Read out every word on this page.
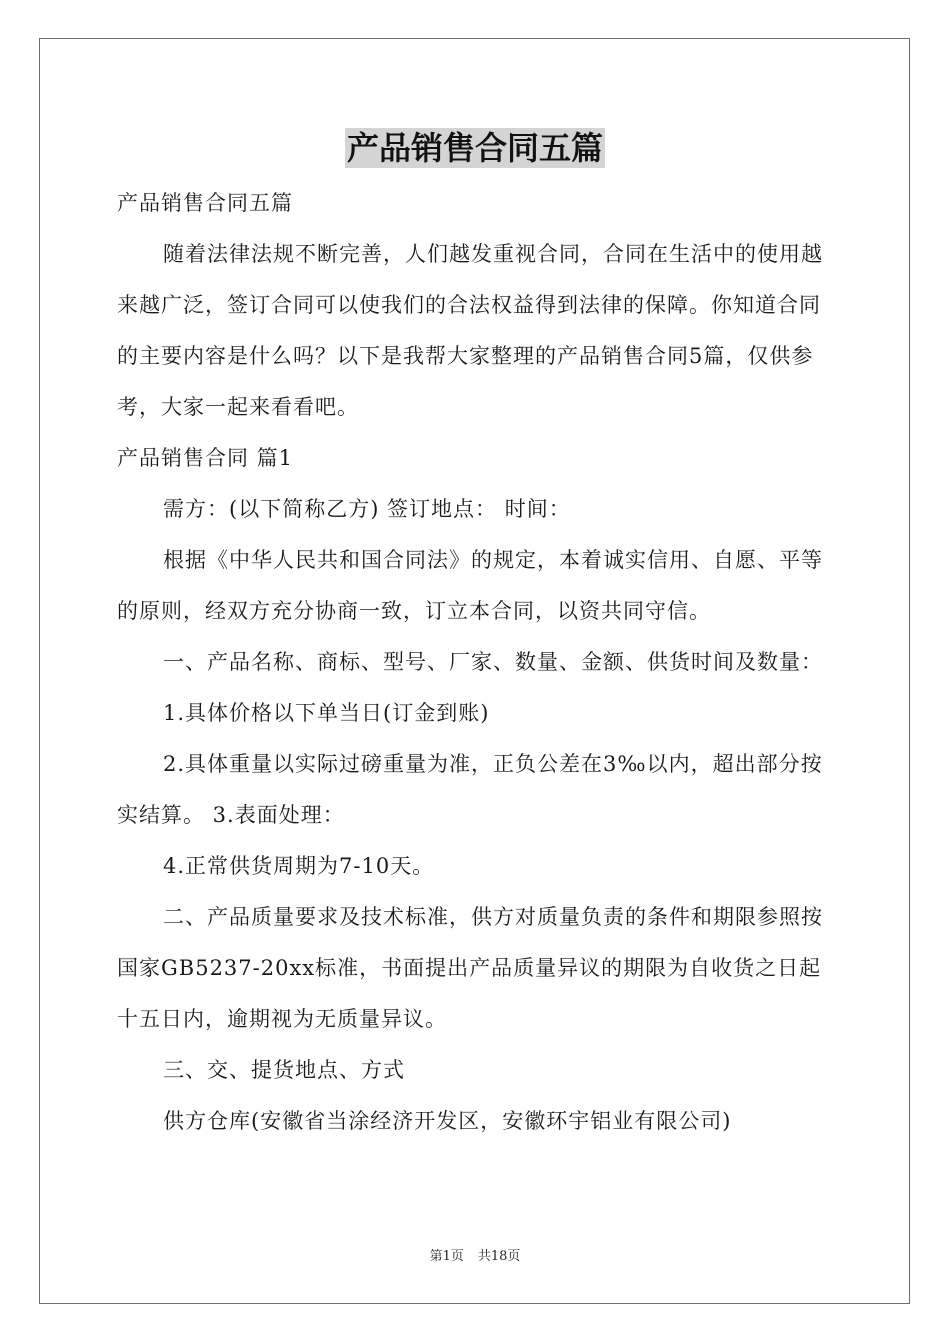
产品销售合同五篇

产品销售合同五篇

随着法律法规不断完善，人们越发重视合同，合同在生活中的使用越来越广泛，签订合同可以使我们的合法权益得到法律的保障。你知道合同的主要内容是什么吗？以下是我帮大家整理的产品销售合同5篇，仅供参考，大家一起来看看吧。

产品销售合同 篇1

需方：(以下简称乙方) 签订地点： 时间：

根据《中华人民共和国合同法》的规定，本着诚实信用、自愿、平等的原则，经双方充分协商一致，订立本合同，以资共同守信。

一、产品名称、商标、型号、厂家、数量、金额、供货时间及数量：

1.具体价格以下单当日(订金到账)

2.具体重量以实际过磅重量为准，正负公差在3‰以内，超出部分按实结算。 3.表面处理：

4.正常供货周期为7-10天。

二、产品质量要求及技术标准，供方对质量负责的条件和期限参照按国家GB5237-20xx标准，书面提出产品质量异议的期限为自收货之日起十五日内，逾期视为无质量异议。

三、交、提货地点、方式

供方仓库(安徽省当涂经济开发区，安徽环宇铝业有限公司)

第1页 共18页
